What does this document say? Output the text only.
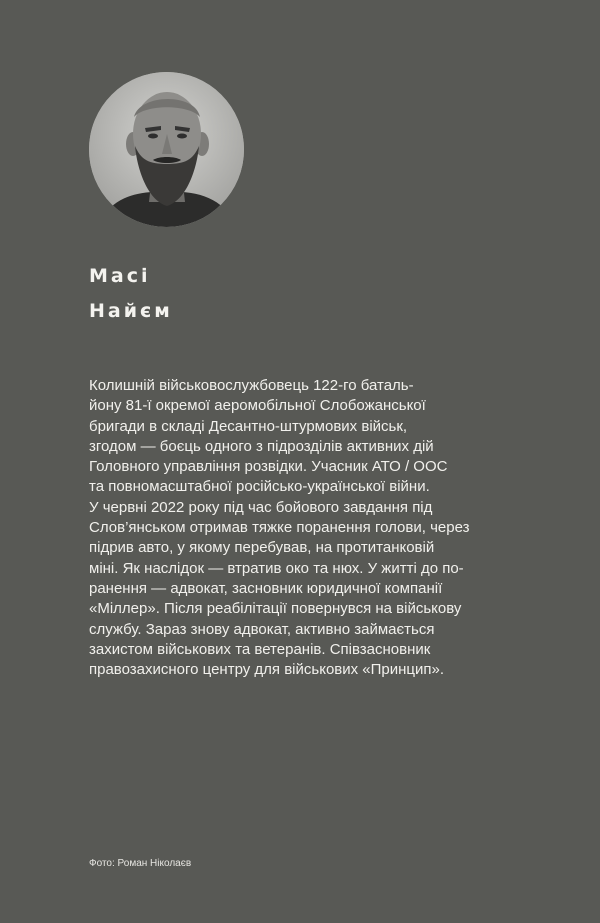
Масі
Найєм

Колишній військовослужбовець 122-го баталь-
йону 81-ї окремої аеромобільної Слобожанської
бригади в складі Десантно-штурмових військ,
згодом — боєць одного з підрозділів активних дій
Головного управління розвідки. Учасник АТО / ООС
та повномасштабної російсько-української війни.
У червні 2022 року під час бойового завдання під
Слов’янськом отримав тяжке поранення голови, через
підрив авто, у якому перебував, на протитанковій
міні. Як наслідок — втратив око та нюх. У житті до по-
ранення — адвокат, засновник юридичної компанії
«Міллер». Після реабілітації повернувся на військову
службу. Зараз знову адвокат, активно займається
захистом військових та ветеранів. Співзасновник
правозахисного центру для військових «Принцип».

Фото: Роман Ніколаєв
